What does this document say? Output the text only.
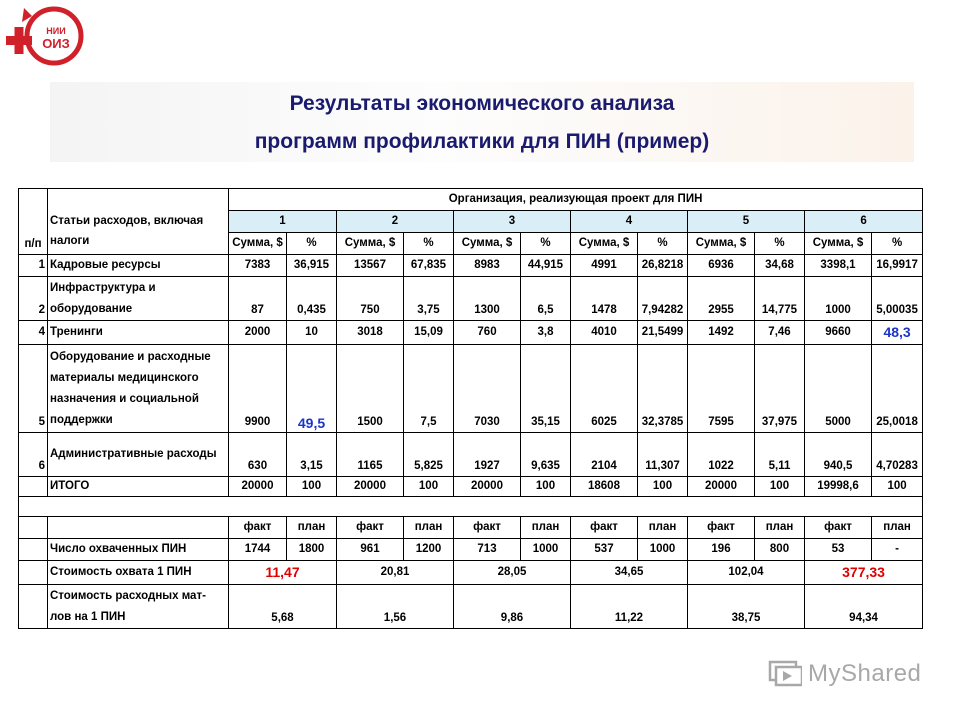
НИИ
ОИЗ
Результаты экономического анализа
программ профилактики для ПИН (пример)
п/п	Статьи расходов, включая налоги	Организация, реализующая проект для ПИН											
		1		2		3		4		5		6	
		Сумма, $	%	Сумма, $	%	Сумма, $	%	Сумма, $	%	Сумма, $	%	Сумма, $	%
1	Кадровые ресурсы	7383	36,915	13567	67,835	8983	44,915	4991	26,8218	6936	34,68	3398,1	16,9917
2	Инфраструктура и оборудование	87	0,435	750	3,75	1300	6,5	1478	7,94282	2955	14,775	1000	5,00035
4	Тренинги	2000	10	3018	15,09	760	3,8	4010	21,5499	1492	7,46	9660	48,3
5	Оборудование и расходные материалы медицинского назначения и социальной поддержки	9900	49,5	1500	7,5	7030	35,15	6025	32,3785	7595	37,975	5000	25,0018
6	Административные расходы	630	3,15	1165	5,825	1927	9,635	2104	11,307	1022	5,11	940,5	4,70283
	ИТОГО	20000	100	20000	100	20000	100	18608	100	20000	100	19998,6	100

		факт	план	факт	план	факт	план	факт	план	факт	план	факт	план
	Число охваченных ПИН	1744	1800	961	1200	713	1000	537	1000	196	800	53	-
	Стоимость охвата 1 ПИН	11,47		20,81		28,05		34,65		102,04		377,33	
	Стоимость расходных мат-лов на 1 ПИН	5,68		1,56		9,86		11,22		38,75		94,34	
MyShared
